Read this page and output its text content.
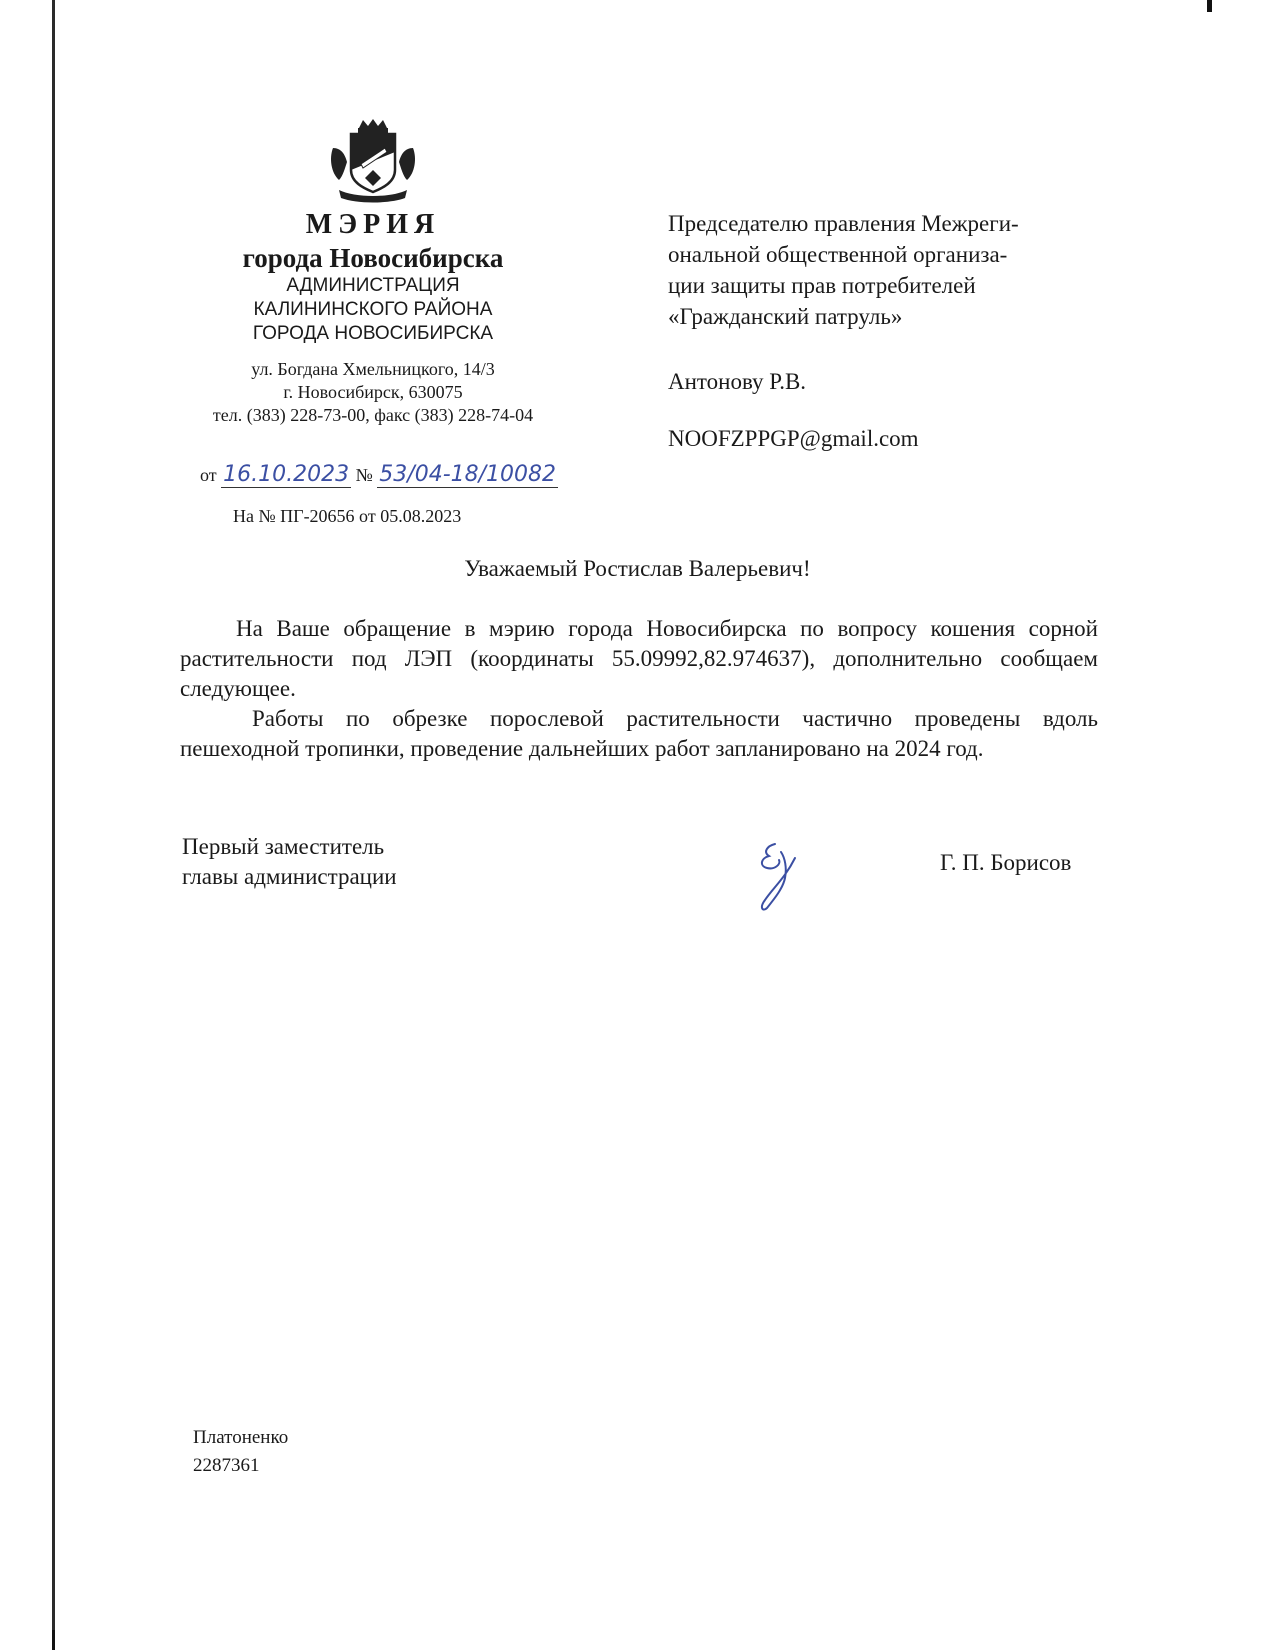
МЭРИЯ
города Новосибирска
АДМИНИСТРАЦИЯ
КАЛИНИНСКОГО РАЙОНА
ГОРОДА НОВОСИБИРСКА
ул. Богдана Хмельницкого, 14/3
г. Новосибирск, 630075
тел. (383) 228-73-00, факс (383) 228-74-04
от 16.10.2023 № 53/04-18/10082
На № ПГ-20656 от 05.08.2023
Председателю правления Межреги-
ональной общественной организа-
ции защиты прав потребителей
«Гражданский патруль»
Антонову Р.В.
NOOFZPPGP@gmail.com
Уважаемый Ростислав Валерьевич!

На Ваше обращение в мэрию города Новосибирска по вопросу кошения сорной растительности под ЛЭП (координаты 55.09992,82.974637), дополнительно сообщаем следующее.

Работы по обрезке порослевой растительности частично проведены вдоль пешеходной тропинки, проведение дальнейших работ запланировано на 2024 год.

Первый заместитель
главы администрации
Г. П. Борисов
Платоненко
2287361
